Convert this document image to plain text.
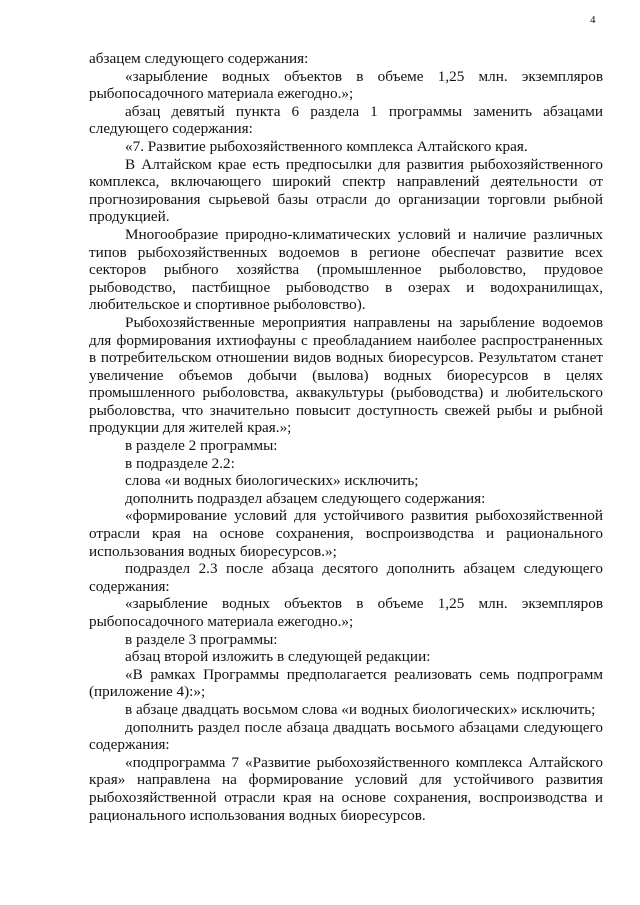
4

абзацем следующего содержания:

«зарыбление водных объектов в объеме 1,25 млн. экземпляров рыбопосадочного материала ежегодно.»;

абзац девятый пункта 6 раздела 1 программы заменить абзацами следующего содержания:

«7. Развитие рыбохозяйственного комплекса Алтайского края.

В Алтайском крае есть предпосылки для развития рыбохозяйственного комплекса, включающего широкий спектр направлений деятельности от прогнозирования сырьевой базы отрасли до организации торговли рыбной продукцией.

Многообразие природно-климатических условий и наличие различных типов рыбохозяйственных водоемов в регионе обеспечат развитие всех секторов рыбного хозяйства (промышленное рыболовство, прудовое рыбоводство, пастбищное рыбоводство в озерах и водохранилищах, любительское и спортивное рыболовство).

Рыбохозяйственные мероприятия направлены на зарыбление водоемов для формирования ихтиофауны с преобладанием наиболее распространенных в потребительском отношении видов водных биоресурсов. Результатом станет увеличение объемов добычи (вылова) водных биоресурсов в целях промышленного рыболовства, аквакультуры (рыбоводства) и любительского рыболовства, что значительно повысит доступность свежей рыбы и рыбной продукции для жителей края.»;

в разделе 2 программы:

в подразделе 2.2:

слова «и водных биологических» исключить;

дополнить подраздел абзацем следующего содержания:

«формирование условий для устойчивого развития рыбохозяйственной отрасли края на основе сохранения, воспроизводства и рационального использования водных биоресурсов.»;

подраздел 2.3 после абзаца десятого дополнить абзацем следующего содержания:

«зарыбление водных объектов в объеме 1,25 млн. экземпляров рыбопосадочного материала ежегодно.»;

в разделе 3 программы:

абзац второй изложить в следующей редакции:

«В рамках Программы предполагается реализовать семь подпрограмм (приложение 4):»;

в абзаце двадцать восьмом слова «и водных биологических» исключить;

дополнить раздел после абзаца двадцать восьмого абзацами следующего содержания:

«подпрограмма 7 «Развитие рыбохозяйственного комплекса Алтайского края» направлена на формирование условий для устойчивого развития рыбохозяйственной отрасли края на основе сохранения, воспроизводства и рационального использования водных биоресурсов.
